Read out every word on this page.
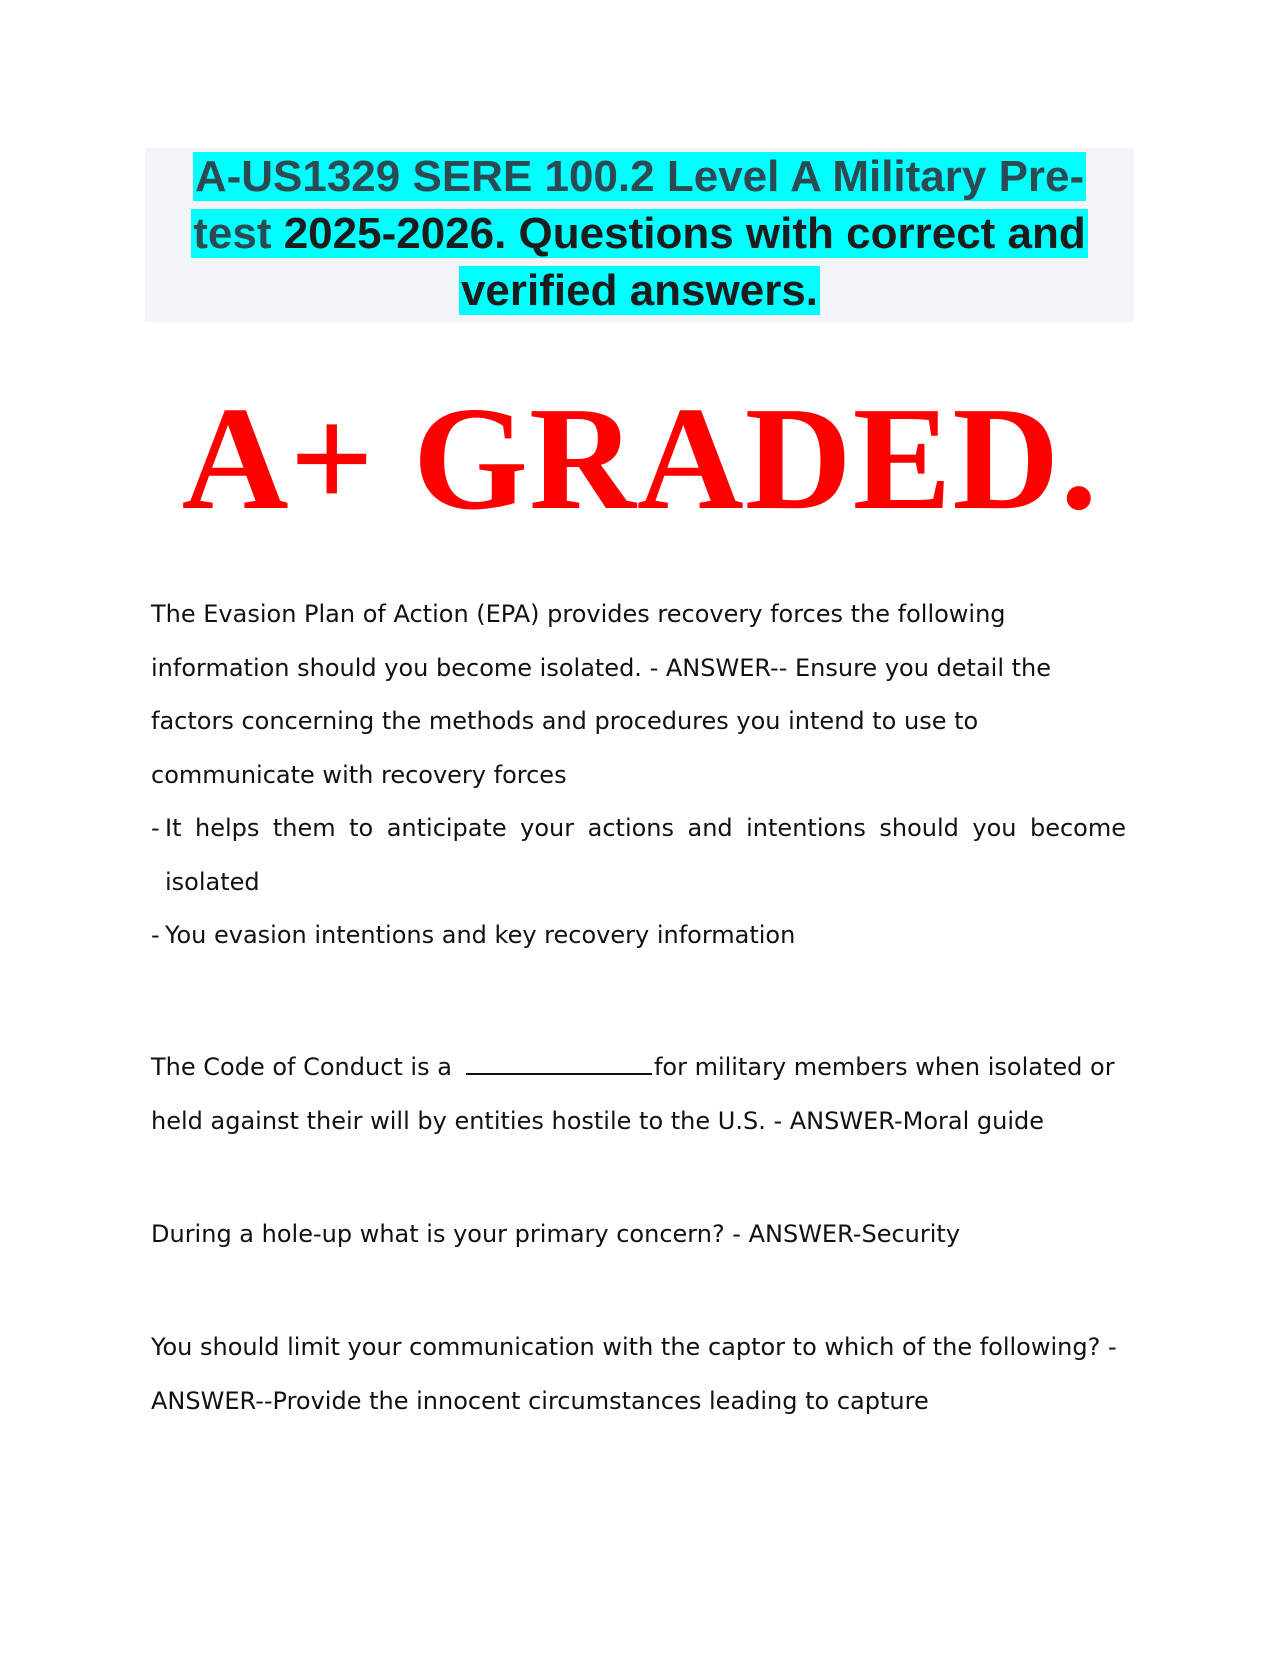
A-US1329 SERE 100.2 Level A Military Pre-
test 2025-2026. Questions with correct and
verified answers.
A+ GRADED.

The Evasion Plan of Action (EPA) provides recovery forces the following

information should you become isolated. - ANSWER-- Ensure you detail the

factors concerning the methods and procedures you intend to use to

communicate with recovery forces

- It helps them to anticipate your actions and intentions should you become isolated
- You evasion intentions and key recovery information

The Code of Conduct is a	for military members when isolated or

held against their will by entities hostile to the U.S. - ANSWER-Moral guide

During a hole-up what is your primary concern? - ANSWER-Security

You should limit your communication with the captor to which of the following? -

ANSWER--Provide the innocent circumstances leading to capture
